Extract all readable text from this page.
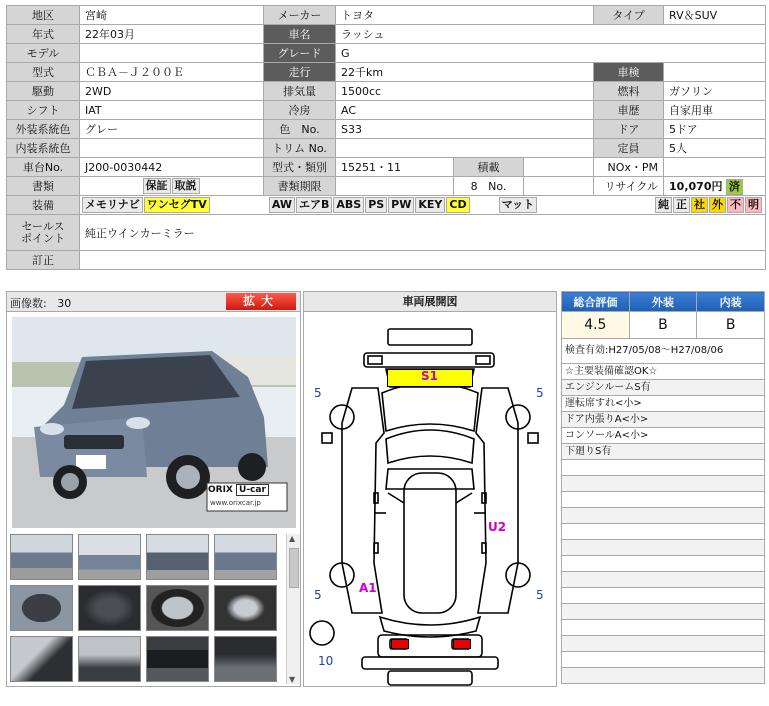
地区	宮崎	メーカー	トヨタ			タイプ	RV＆SUV
年式	22年03月	車名	ラッシュ				
モデル		グレード	G				
型式	ＣＢＡ－Ｊ２００Ｅ	走行	22千km			車検	
駆動	2WD	排気量	1500cc			燃料	ガソリン
シフト	IAT	冷房	AC			車歴	自家用車
外装系統色	グレー	色　No.	S33			ドア	5ドア
内装系統色		トリム No.				定員	5人
車台No.	J200-0030442	型式・類別	15251・11	積載		NOx・PM	
書類	保証 取説	書類期限		8 No.		リサイクル	10,070円 済
装備	メモリナビ ワンセグTV AW エアB ABS PS PW KEY CD マット 純 正 社 外 不 明						

セールス
ポイント	純正ウインカーミラー						
訂正							
画像数: 30	拡大
ORIX U-car
www.orixcar.jp
▲
▼
車両展開図
S1
U2
A1
5	5
5	5
10
総合評価	外装	内装
4.5	B	B
検査有効:H27/05/08～H27/08/06
☆主要装備確認OK☆
エンジンルームS有
運転席すれ<小>
ドア内張りA<小>
コンソールA<小>
下廻りS有
